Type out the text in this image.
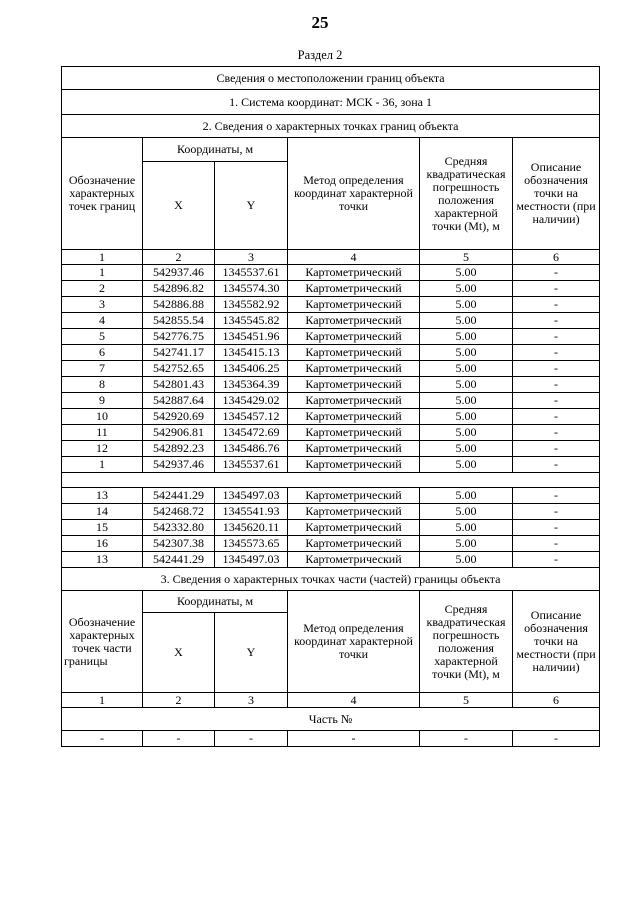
25
Раздел 2
Сведения о местоположении границ объекта					
1. Система координат: МСК - 36, зона 1					
2. Сведения о характерных точках границ объекта					
Обозначение характерных точек границ	Координаты, м		Метод определения координат характерной точки	Средняя квадратическая погрешность положения характерной точки (Mt), м	Описание обозначения точки на местности (при наличии)
	X	Y			
1	2	3	4	5	6
1	542937.46	1345537.61	Картометрический	5.00	-
2	542896.82	1345574.30	Картометрический	5.00	-
3	542886.88	1345582.92	Картометрический	5.00	-
4	542855.54	1345545.82	Картометрический	5.00	-
5	542776.75	1345451.96	Картометрический	5.00	-
6	542741.17	1345415.13	Картометрический	5.00	-
7	542752.65	1345406.25	Картометрический	5.00	-
8	542801.43	1345364.39	Картометрический	5.00	-
9	542887.64	1345429.02	Картометрический	5.00	-
10	542920.69	1345457.12	Картометрический	5.00	-
11	542906.81	1345472.69	Картометрический	5.00	-
12	542892.23	1345486.76	Картометрический	5.00	-
1	542937.46	1345537.61	Картометрический	5.00	-

13	542441.29	1345497.03	Картометрический	5.00	-
14	542468.72	1345541.93	Картометрический	5.00	-
15	542332.80	1345620.11	Картометрический	5.00	-
16	542307.38	1345573.65	Картометрический	5.00	-
13	542441.29	1345497.03	Картометрический	5.00	-
3. Сведения о характерных точках части (частей) границы объекта					
Обозначение характерных точек части границы	Координаты, м		Метод определения координат характерной точки	Средняя квадратическая погрешность положения характерной точки (Mt), м	Описание обозначения точки на местности (при наличии)
	X	Y			
1	2	3	4	5	6
Часть №					
-	-	-	-	-	-
